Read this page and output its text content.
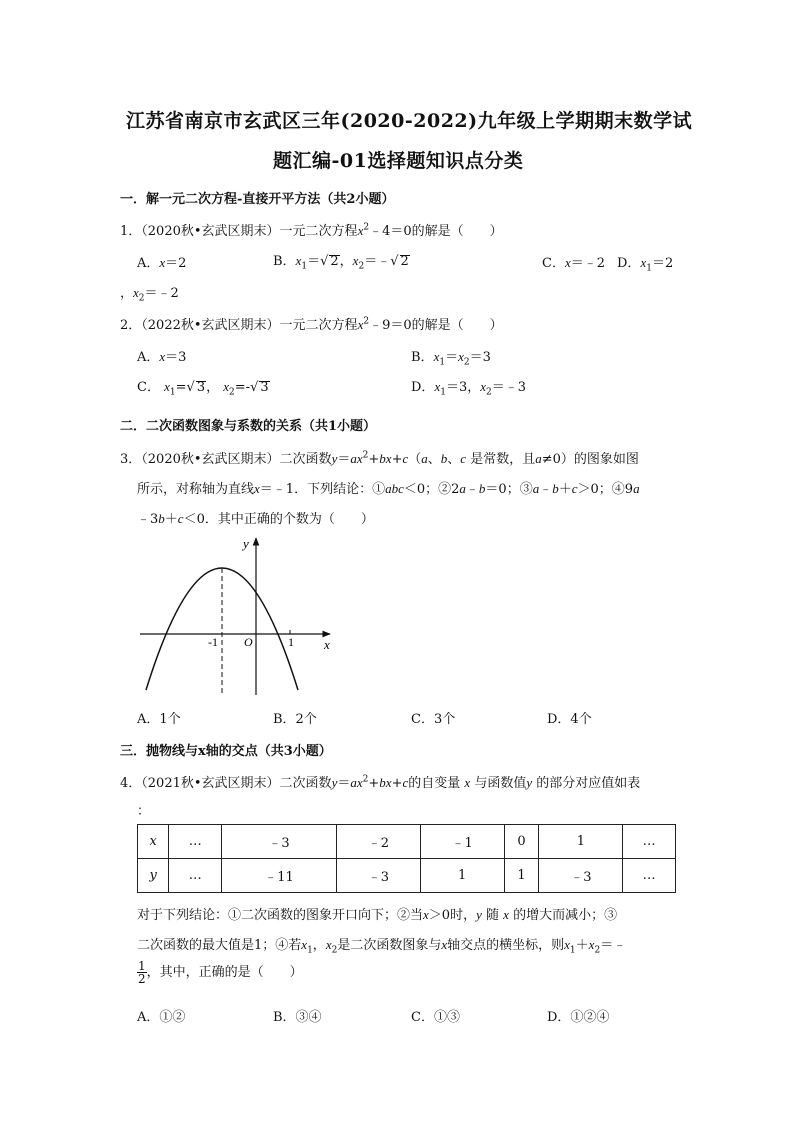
江苏省南京市玄武区三年(2020-2022)九年级上学期期末数学试
题汇编-01选择题知识点分类
一．解一元二次方程-直接开平方法（共2小题）
1．（2020秋•玄武区期末）一元二次方程$x^2﹣4=0$的解是（　　）
A．x＝2	B．$x_1=√$ 2，$x_2=﹣√$ 2	C．x＝﹣2 D．$x_1=2$
，$x_2=﹣2$
2．（2022秋•玄武区期末）一元二次方程$x^2﹣9=0$的解是（　　）
A．x＝3	B．$x_1=x_2=3$
C． $x_1=√$ 3， $x_2=-√$ 3	D．$x_1=3$，$x_2=﹣3$
二．二次函数图象与系数的关系（共1小题）
3．（2020秋•玄武区期末）二次函数$y=ax^2+bx+c(a$、b、c 是常数，且a≠0）的图象如图
所示，对称轴为直线x＝﹣1．下列结论：①abc＜0；②2a﹣b＝0；③a﹣b＋c＞0；④9a
﹣3b＋c＜0．其中正确的个数为（　　）
x
y
O
-1	1
A．1个	B．2个	C．3个	D．4个
三．抛物线与x轴的交点（共3小题）
4．（2021秋•玄武区期末）二次函数$y=ax^2+bx+c$的自变量 x 与函数值y 的部分对应值如表
：
x	…	﹣3	﹣2	﹣1	0	1	…
y	…	﹣11	﹣3	1	1	﹣3	…
对于下列结论：①二次函数的图象开口向下；②当x＞0时，y 随 x 的增大而减小；③
二次函数的最大值是1；④若$x_1$，$x_2$是二次函数图象与x轴交点的横坐标，则$x_1+x_2=﹣$
$\frac{1}{2}$ ，其中，正确的是（　　）
A．①②	B．③④	C．①③	D．①②④
